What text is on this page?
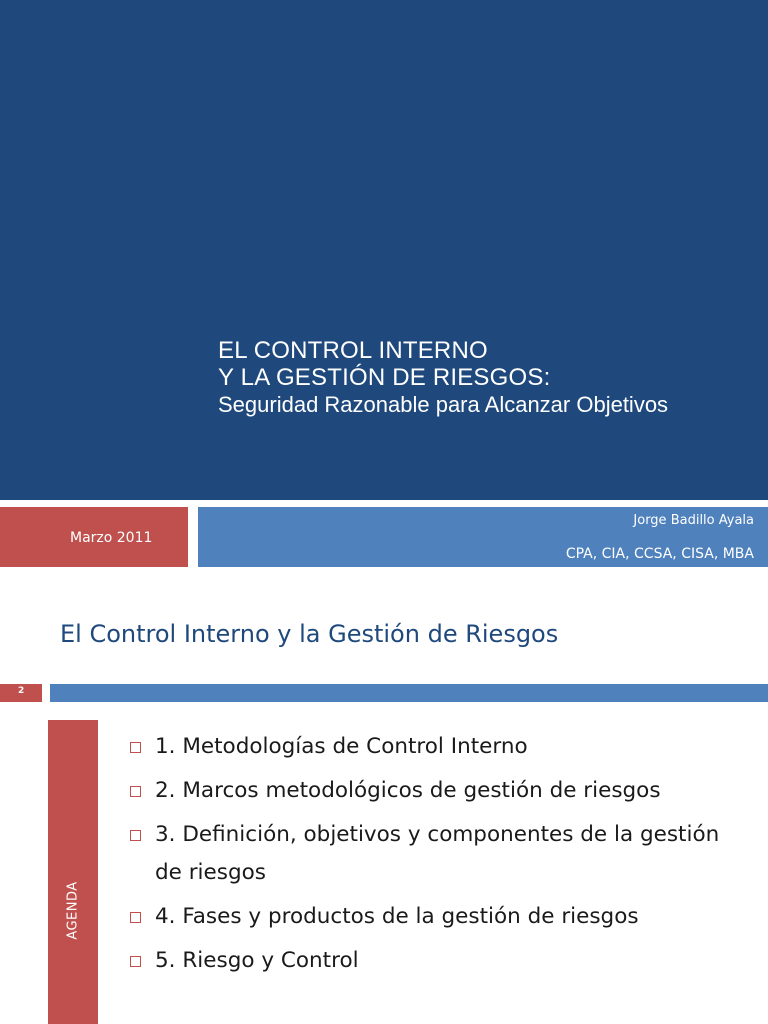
EL CONTROL INTERNO
Y LA GESTIÓN DE RIESGOS:
Seguridad Razonable para Alcanzar Objetivos
Marzo 2011
Jorge Badillo Ayala
CPA, CIA, CCSA, CISA, MBA
El Control Interno y la Gestión de Riesgos
2
AGENDA
1. Metodologías de Control Interno
2. Marcos metodológicos de gestión de riesgos
3. Definición, objetivos y componentes de la gestión de riesgos
4. Fases y productos de la gestión de riesgos
5. Riesgo y Control
